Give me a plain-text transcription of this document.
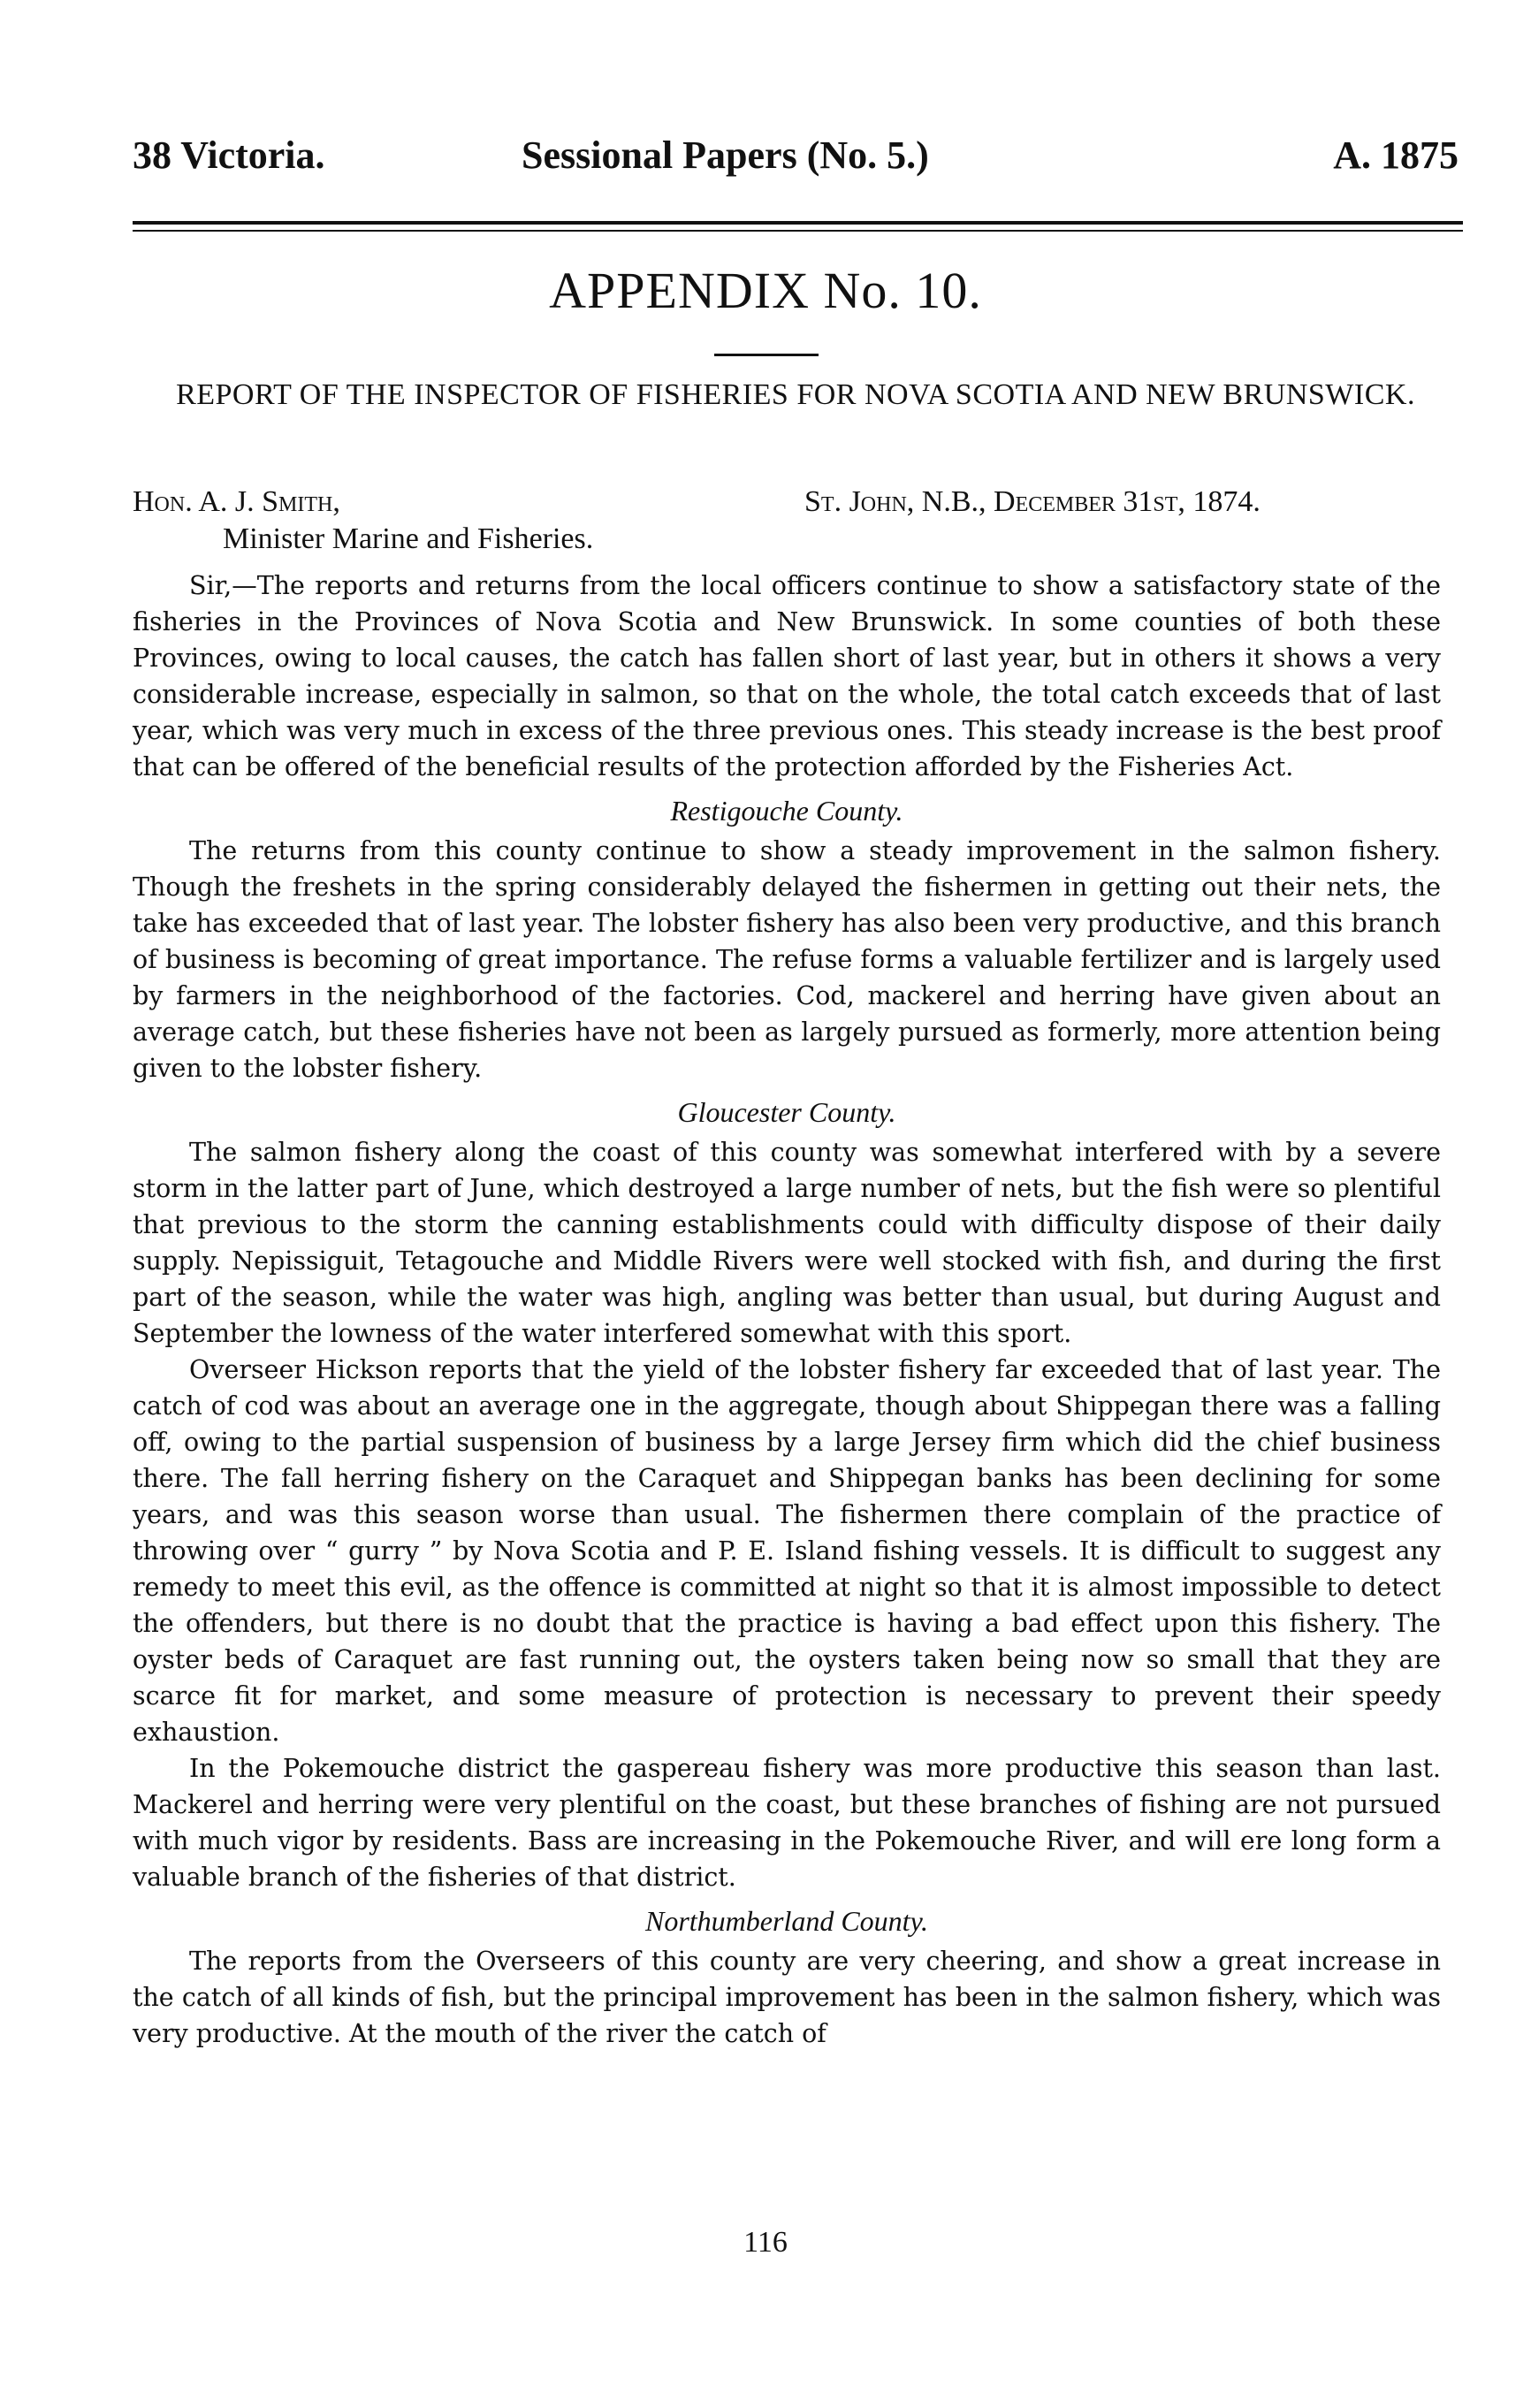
38 Victoria.	Sessional Papers (No. 5.)	A. 1875
APPENDIX No. 10.
REPORT OF THE INSPECTOR OF FISHERIES FOR NOVA SCOTIA AND NEW BRUNSWICK.
Hon. A. J. Smith,	St. John, N.B., December 31st, 1874.
Minister Marine and Fisheries.

Sir,—The reports and returns from the local officers continue to show a satisfactory state of the fisheries in the Provinces of Nova Scotia and New Brunswick. In some counties of both these Provinces, owing to local causes, the catch has fallen short of last year, but in others it shows a very considerable increase, especially in salmon, so that on the whole, the total catch exceeds that of last year, which was very much in excess of the three previous ones. This steady increase is the best proof that can be offered of the beneficial results of the protection afforded by the Fisheries Act.

Restigouche County.

The returns from this county continue to show a steady improvement in the salmon fishery. Though the freshets in the spring considerably delayed the fishermen in getting out their nets, the take has exceeded that of last year. The lobster fishery has also been very productive, and this branch of business is becoming of great importance. The refuse forms a valuable fertilizer and is largely used by farmers in the neighborhood of the factories. Cod, mackerel and herring have given about an average catch, but these fisheries have not been as largely pursued as formerly, more attention being given to the lobster fishery.

Gloucester County.

The salmon fishery along the coast of this county was somewhat interfered with by a severe storm in the latter part of June, which destroyed a large number of nets, but the fish were so plentiful that previous to the storm the canning establishments could with difficulty dispose of their daily supply. Nepissiguit, Tetagouche and Middle Rivers were well stocked with fish, and during the first part of the season, while the water was high, angling was better than usual, but during August and September the lowness of the water interfered somewhat with this sport.

Overseer Hickson reports that the yield of the lobster fishery far exceeded that of last year. The catch of cod was about an average one in the aggregate, though about Shippegan there was a falling off, owing to the partial suspension of business by a large Jersey firm which did the chief business there. The fall herring fishery on the Caraquet and Shippegan banks has been declining for some years, and was this season worse than usual. The fishermen there complain of the practice of throwing over “ gurry ” by Nova Scotia and P. E. Island fishing vessels. It is difficult to suggest any remedy to meet this evil, as the offence is committed at night so that it is almost impossible to detect the offenders, but there is no doubt that the practice is having a bad effect upon this fishery. The oyster beds of Caraquet are fast running out, the oysters taken being now so small that they are scarce fit for market, and some measure of protection is necessary to prevent their speedy exhaustion.

In the Pokemouche district the gaspereau fishery was more productive this season than last. Mackerel and herring were very plentiful on the coast, but these branches of fishing are not pursued with much vigor by residents. Bass are increasing in the Pokemouche River, and will ere long form a valuable branch of the fisheries of that district.

Northumberland County.

The reports from the Overseers of this county are very cheering, and show a great increase in the catch of all kinds of fish, but the principal improvement has been in the salmon fishery, which was very productive. At the mouth of the river the catch of

116
